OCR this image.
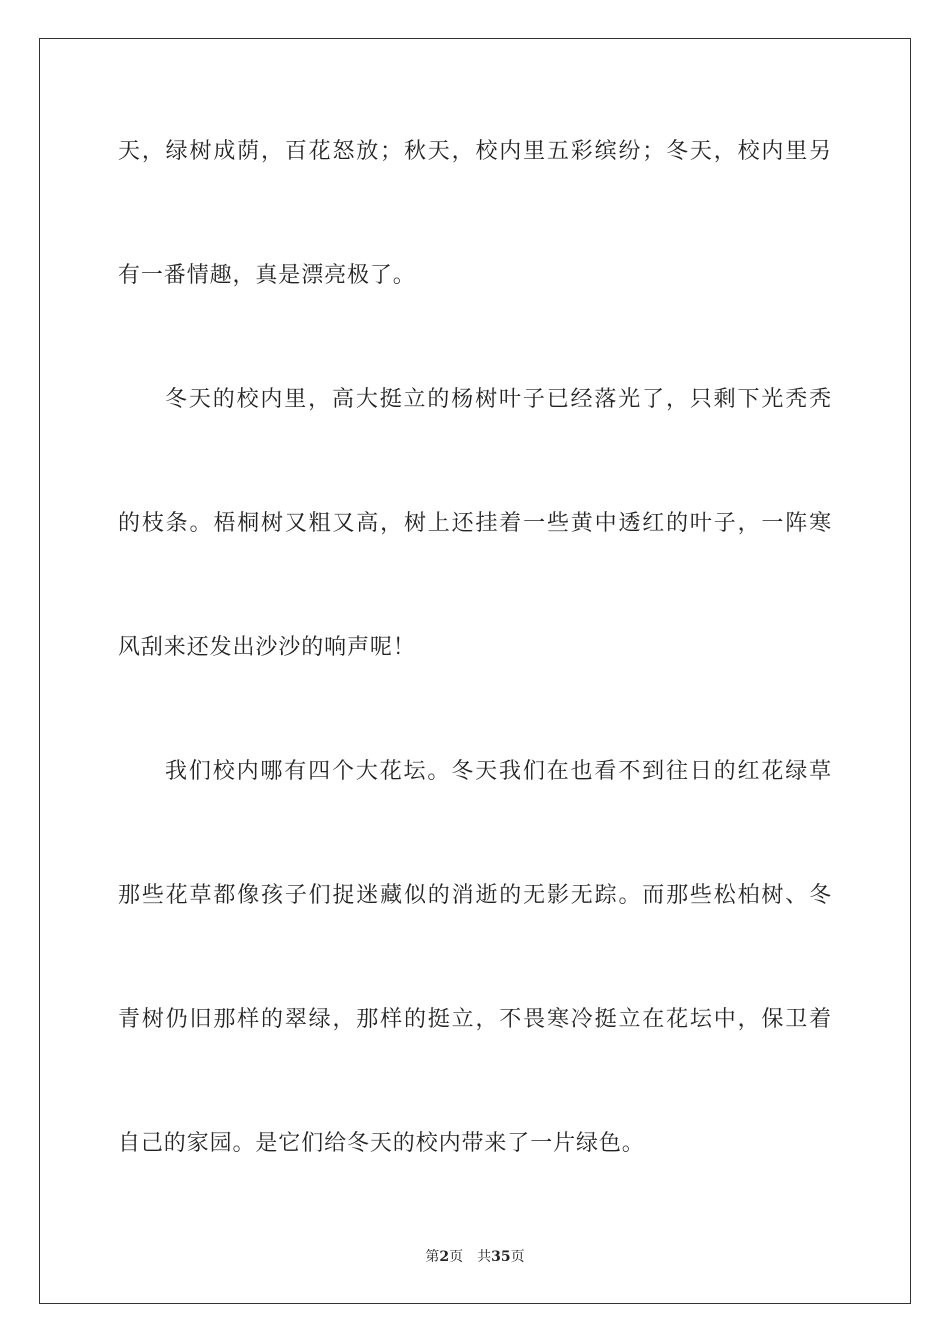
天，绿树成荫，百花怒放；秋天，校内里五彩缤纷；冬天，校内里另
有一番情趣，真是漂亮极了。
冬天的校内里，高大挺立的杨树叶子已经落光了，只剩下光秃秃
的枝条。梧桐树又粗又高，树上还挂着一些黄中透红的叶子，一阵寒
风刮来还发出沙沙的响声呢！
我们校内哪有四个大花坛。冬天我们在也看不到往日的红花绿草
那些花草都像孩子们捉迷藏似的消逝的无影无踪。而那些松柏树、冬
青树仍旧那样的翠绿，那样的挺立，不畏寒冷挺立在花坛中，保卫着
自己的家园。是它们给冬天的校内带来了一片绿色。
第2页 共35页
